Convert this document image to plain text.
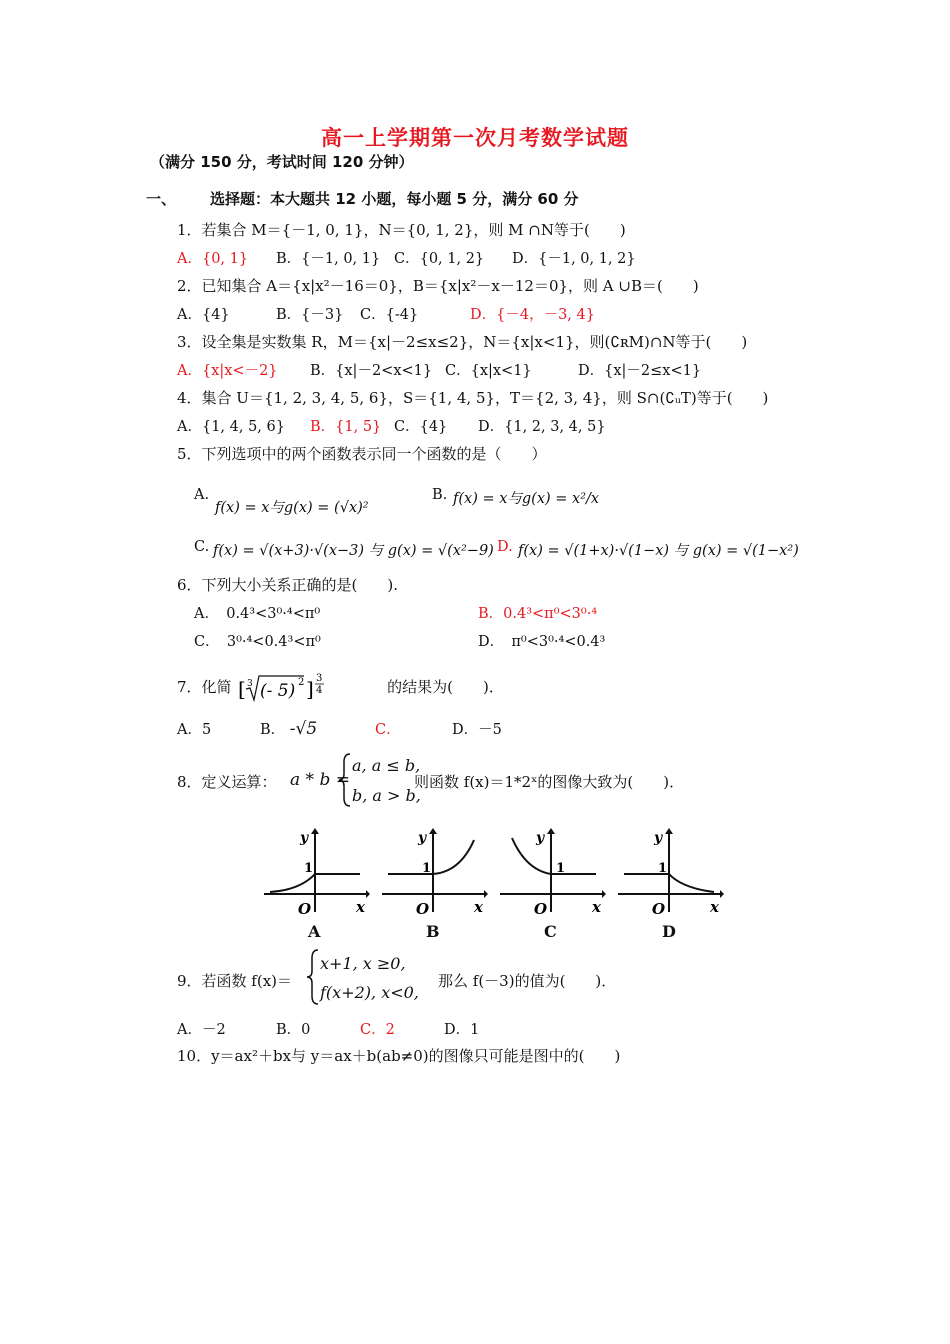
高一上学期第一次月考数学试题
（满分 150 分，考试时间 120 分钟）
一、 选择题：本大题共 12 小题，每小题 5 分，满分 60 分
1．若集合 M＝{－1, 0, 1}，N＝{0, 1, 2}，则 M ∩N等于(　　)
A．{0, 1} B．{－1, 0, 1} C．{0, 1, 2} D．{－1, 0, 1, 2}
2．已知集合 A＝{x|x²－16＝0}，B＝{x|x²－x－12＝0}，则 A ∪B＝(　　)
A．{4}	B．{－3} C．{-4}	D．{－4，－3, 4}
3．设全集是实数集 R，M＝{x|－2≤x≤2}，N＝{x|x<1}，则(∁ʀM)∩N等于(　　)
A．{x|x<－2} B．{x|－2<x<1} C．{x|x<1}	D．{x|－2≤x<1}
4．集合 U＝{1, 2, 3, 4, 5, 6}，S＝{1, 4, 5}，T＝{2, 3, 4}，则 S∩(∁ᵤT)等于(　　)
A．{1, 4, 5, 6} B．{1, 5} C．{4} D．{1, 2, 3, 4, 5}
5．下列选项中的两个函数表示同一个函数的是（　　）
A.
f(x) = x与g(x) = (√x)²
B. f(x) = x与g(x) = x²/x
C. f(x) = √(x+3)·√(x−3) 与 g(x) = √(x²−9) D. f(x) = √(1+x)·√(1−x) 与 g(x) = √(1−x²)
6．下列大小关系正确的是(　　).
A．　0.4³<3⁰·⁴<π⁰	B．0.4³<π⁰<3⁰·⁴
C．　3⁰·⁴<0.4³<π⁰	D．　π⁰<3⁰·⁴<0.4³
7．化简 [ 3 (- 5) 2 ] 3
4	的结果为(　　)．
A．5	B． -√5	C．	D．－5
8．定义运算： a * b =
a, a ≤ b,
b, a > b,
则函数 f(x)＝1*2ˣ的图像大致为(　　)．
y
1
O	x
y
1
O	x
y
1
O	x
y
1
O	x
A	B	C	D
9．若函数 f(x)＝
x+1, x ≥0,
f(x+2), x<0,
那么 f(－3)的值为(　　)．
A．－2	B．0	C．2	D．1
10．y＝ax²＋bx与 y＝ax＋b(ab≠0)的图像只可能是图中的(　　)
